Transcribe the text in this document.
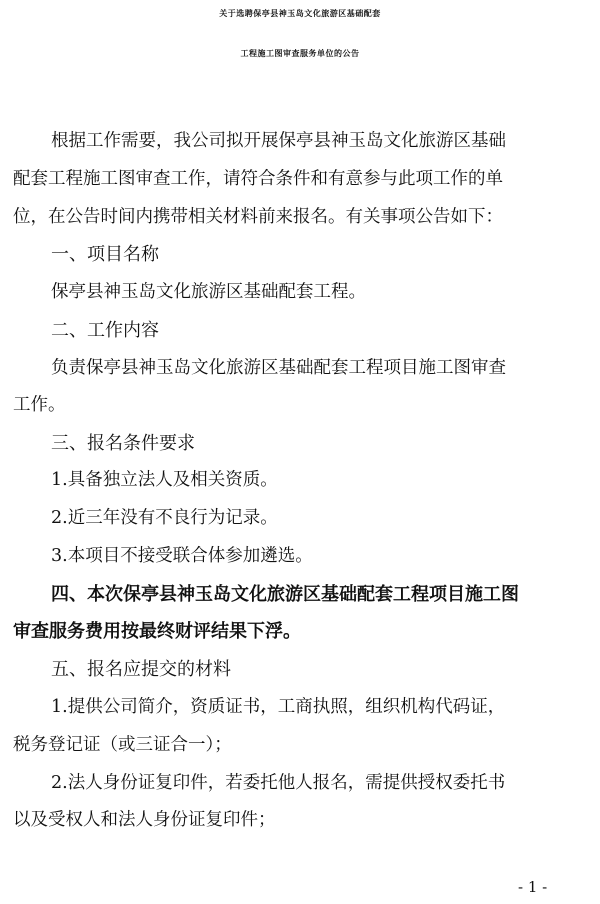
关于选聘保亭县神玉岛文化旅游区基础配套
工程施工图审查服务单位的公告

根据工作需要，我公司拟开展保亭县神玉岛文化旅游区基础

配套工程施工图审查工作，请符合条件和有意参与此项工作的单

位，在公告时间内携带相关材料前来报名。有关事项公告如下：

一、项目名称

保亭县神玉岛文化旅游区基础配套工程。

二、工作内容

负责保亭县神玉岛文化旅游区基础配套工程项目施工图审查

工作。

三、报名条件要求

1.具备独立法人及相关资质。

2.近三年没有不良行为记录。

3.本项目不接受联合体参加遴选。

四、本次保亭县神玉岛文化旅游区基础配套工程项目施工图

审查服务费用按最终财评结果下浮。

五、报名应提交的材料

1.提供公司简介，资质证书，工商执照，组织机构代码证，

税务登记证（或三证合一）；

2.法人身份证复印件，若委托他人报名，需提供授权委托书

以及受权人和法人身份证复印件；

- 1 -
